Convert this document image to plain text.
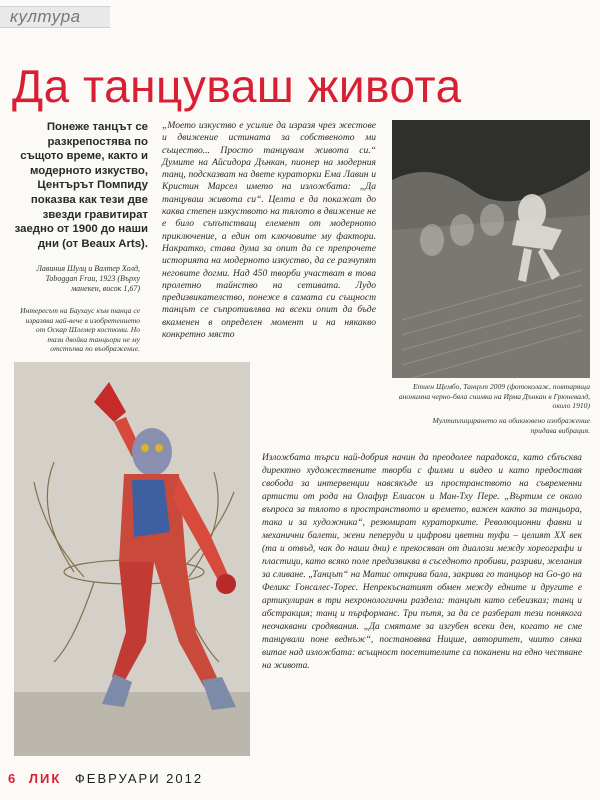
култура
Да танцуваш живота
Понеже танцът се разкрепостява по същото време, както и модерното изкуство, Центърът Помпиду показва как тези две звезди гравитират заедно от 1900 до наши дни (от Beaux Arts).
Лавиния Шулц и Валтер Холд, Toboggan Frau, 1923 (Върху манекен, висок 1,67)
Интересът на Баухаус към танца се изразява най-вече в изобретението от Оскар Шлемер костюми. Но тази двойка танцьори не му отстъпва по въображение.
„Моето изкуство е усилие да изразя чрез жестове и движение истината за собственото ми същество... Просто танцувам живота си.“ Думите на Айсидора Дънкан, пионер на модерния танц, подсказват на двете кураторки Ема Лавин и Кристин Марсел името на изложбата: „Да танцуваш живота си“. Целта е да покажат до каква степен изкуството на тялото в движение не е било съпътстващ елемент от модерното приключение, а един от ключовите му фактори. Накратко, става дума за опит да се препрочете историята на модерното изкуство, да се разчупят неговите догми. Над 450 творби участват в това пролетно тайнство на сетивата. Лудо предизвикателство, понеже в самата си същност танцът се съпротивлява на всеки опит да бъде вкаменен в определен момент и на някакво конкретно място
Етиен Щембо, Танцът 2009 (фотоколаж, повтаряща анонимна черно-бяла снимка на Ирма Дънкан в Грюневалд, около 1910)
Мултиплицирането на обикновено изображение придава вибрация.
Изложбата търси най-добрия начин да преодолее парадокса, като сблъсква директно художествените творби с филми и видео и като предоставя свобода за интервенции навсякъде из пространството на съвременни артисти от рода на Олафур Елиасон и Ман-Тху Пере. „Въртим се около въпроса за тялото в пространството и времето, важен както за танцьора, така и за художника“, резюмират кураторките. Революционни фавни и механични балети, жени пеперуди и цифрови цветни туфи – целият ХХ век (та и отвъд, чак до наши дни) е прекосяван от диалози между хореографи и пластици, като всяко поле предизвиква в съседното пробиви, разриви, желания за сливане. „Танцът“ на Матис открива бала, закрива го танцьор на Go-go на Феликс Гонсалес-Торес. Непрекъснатият обмен между едните и другите е артикулиран в три нехронологични раздела: танцът като себеизказ; танц и абстракция; танц и пърформанс. Три пътя, за да се разберат тези понякога неочаквани сродявания. „Да смятаме за изгубен всеки ден, когато не сме танцували поне веднъж“, постановява Ницше, авторитет, чиито сянка витае над изложбата: всъщност посетителите са поканени на едно честване на живота.
6 ЛИК ФЕВРУАРИ 2012
